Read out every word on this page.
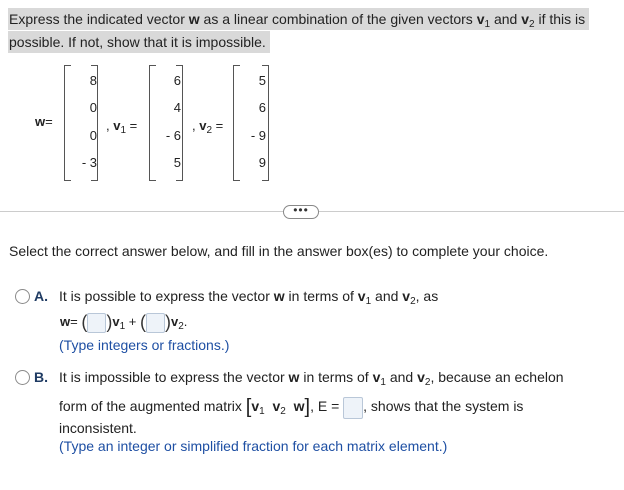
Express the indicated vector w as a linear combination of the given vectors $v_1$ and $v_2$ if this is
possible. If not, show that it is impossible.
w=
8
0
0
- 3
, $v_1$ =
6
4
- 6
5
, $v_2$ =
5
6
- 9
9
•••
Select the correct answer below, and fill in the answer box(es) to complete your choice.
A. It is possible to express the vector w in terms of $v_1$ and $v_2$, as
w= ( )$v_1$ + ( )$v_2$.
(Type integers or fractions.)
B. It is impossible to express the vector w in terms of $v_1$ and $v_2$, because an echelon
form of the augmented matrix [$v_1$ $v_2$ w], E = , shows that the system is
inconsistent.
(Type an integer or simplified fraction for each matrix element.)
